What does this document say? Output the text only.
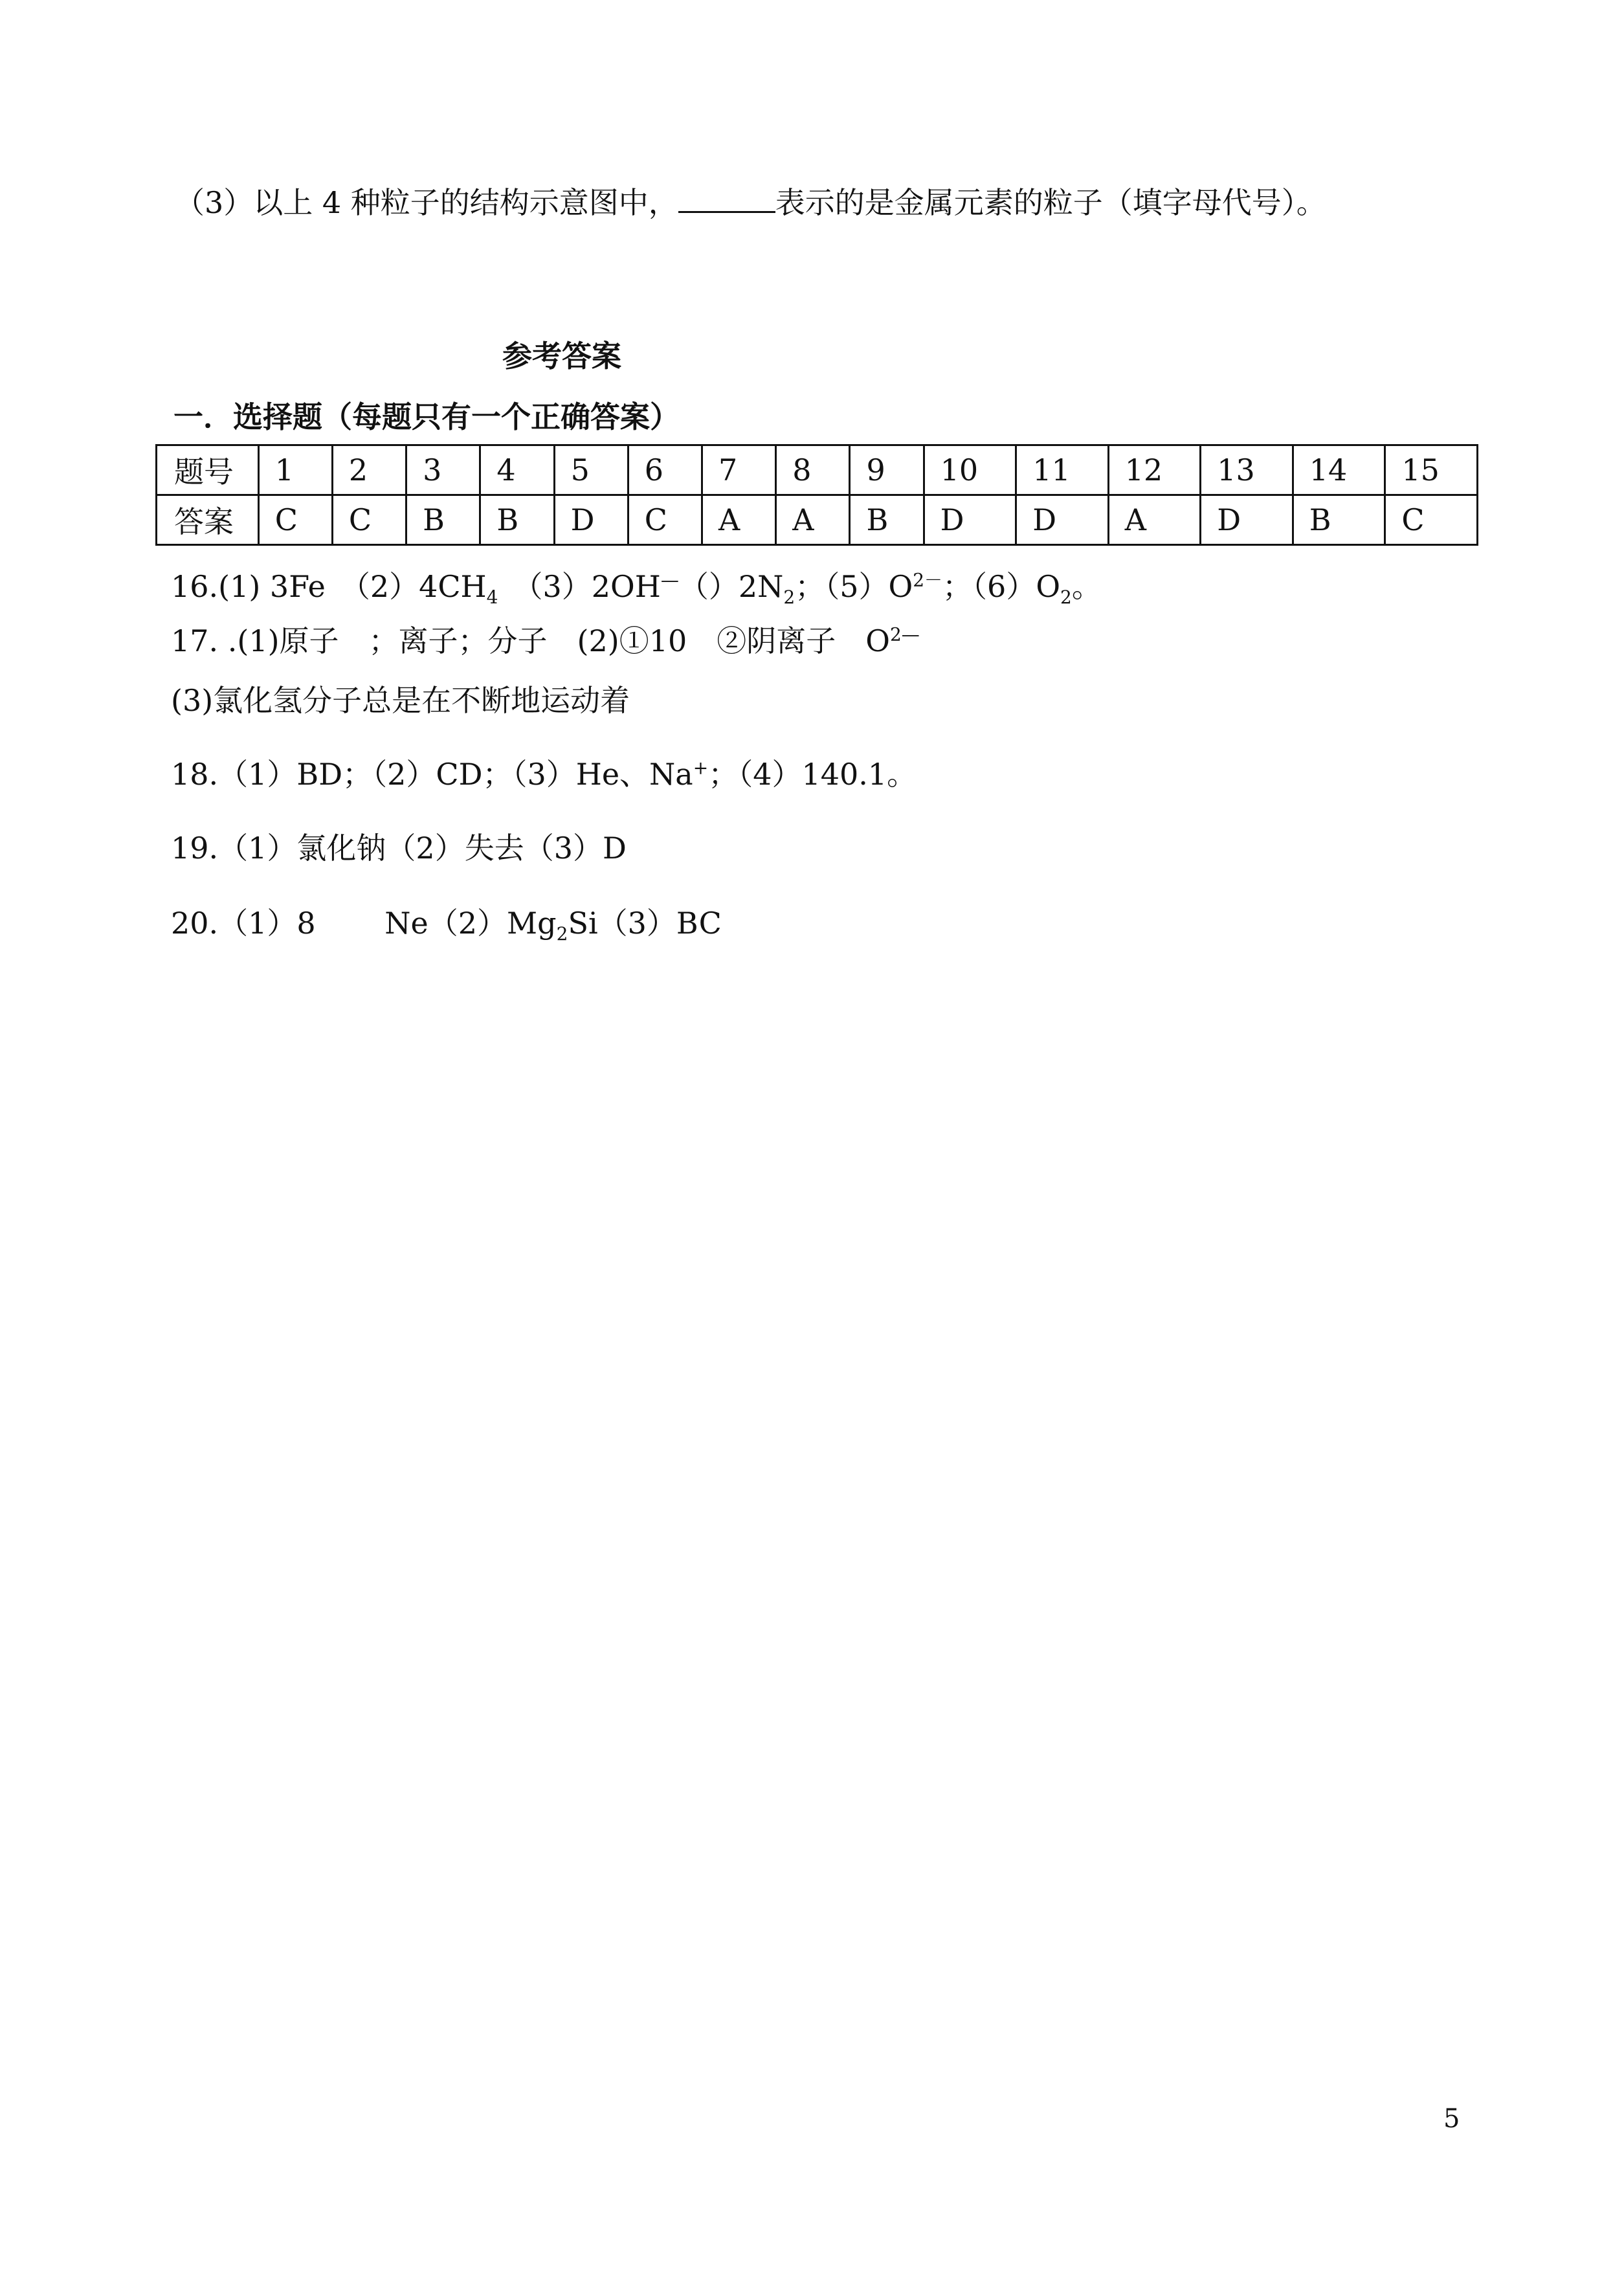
（3）以上 4 种粒子的结构示意图中，	表示的是金属元素的粒子（填字母代号）。
参考答案
一．选择题（每题只有一个正确答案）
题号	1	2	3	4	5	6	7	8	9	10	11	12	13	14	15
答案	C	C	B	B	D	C	A	A	B	D	D	A	D	B	C
16.(1) 3Fe　$(2)4CH_4$　$(3)2OH^—()2N_2$；$(5)O^{2-}$；$(6)O_2$。
17. .(1)原子　；离子；分子　(2)①10　②阴离子　$O^{2—}$
(3)氯化氢分子总是在不断地运动着
18.（1）BD；（2）CD；（3）He、Na+；（4）140.1。
19.（1）氯化钠（2）失去（3）D
20.（1）8　　 $Ne(2)Mg_2Si(3)BC$
5
